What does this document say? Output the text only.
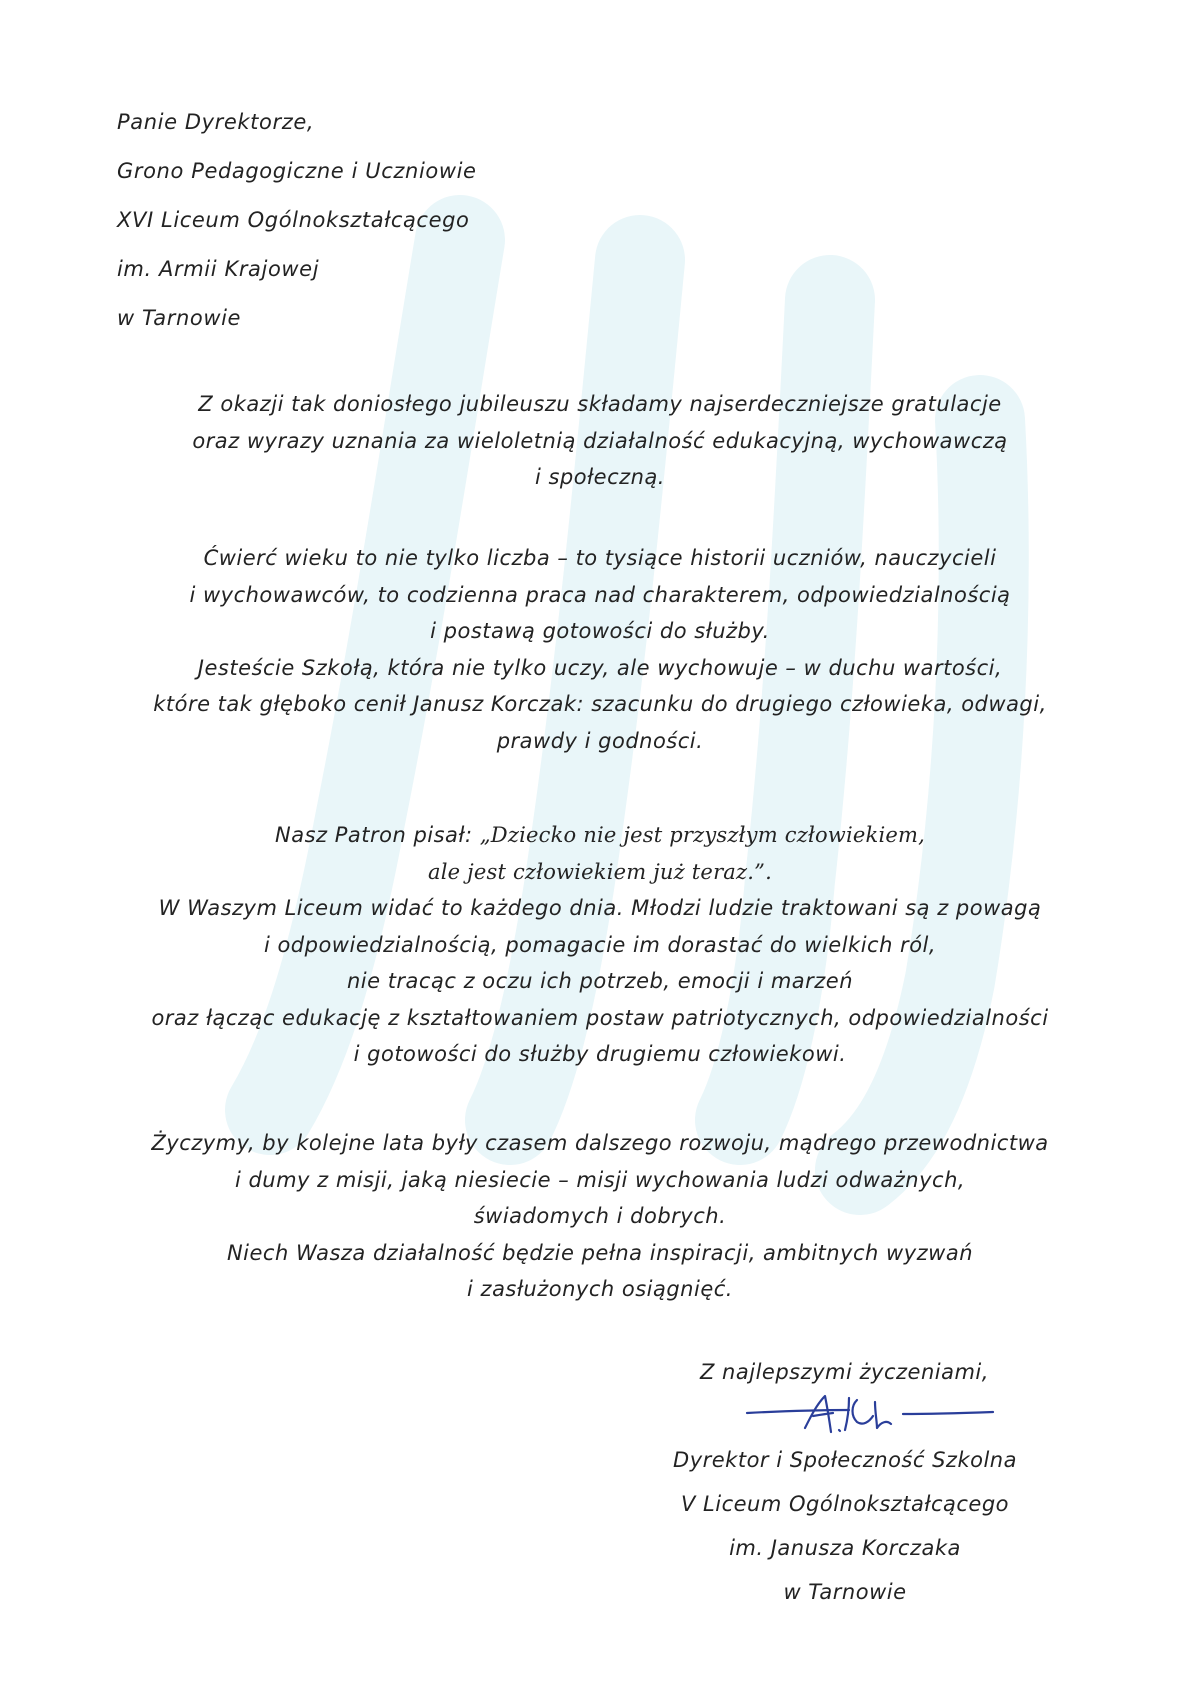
Panie Dyrektorze,
Grono Pedagogiczne i Uczniowie
XVI Liceum Ogólnokształcącego
im. Armii Krajowej
w Tarnowie
Z okazji tak doniosłego jubileuszu składamy najserdeczniejsze gratulacje
oraz wyrazy uznania za wieloletnią działalność edukacyjną, wychowawczą
i społeczną.
Ćwierć wieku to nie tylko liczba – to tysiące historii uczniów, nauczycieli
i wychowawców, to codzienna praca nad charakterem, odpowiedzialnością
i postawą gotowości do służby.
Jesteście Szkołą, która nie tylko uczy, ale wychowuje – w duchu wartości,
które tak głęboko cenił Janusz Korczak: szacunku do drugiego człowieka, odwagi,
prawdy i godności.
Nasz Patron pisał: „Dziecko nie jest przyszłym człowiekiem,
ale jest człowiekiem już teraz.”.
W Waszym Liceum widać to każdego dnia. Młodzi ludzie traktowani są z powagą
i odpowiedzialnością, pomagacie im dorastać do wielkich ról,
nie tracąc z oczu ich potrzeb, emocji i marzeń
oraz łącząc edukację z kształtowaniem postaw patriotycznych, odpowiedzialności
i gotowości do służby drugiemu człowiekowi.
Życzymy, by kolejne lata były czasem dalszego rozwoju, mądrego przewodnictwa
i dumy z misji, jaką niesiecie – misji wychowania ludzi odważnych,
świadomych i dobrych.
Niech Wasza działalność będzie pełna inspiracji, ambitnych wyzwań
i zasłużonych osiągnięć.
Z najlepszymi życzeniami,
Dyrektor i Społeczność Szkolna
V Liceum Ogólnokształcącego
im. Janusza Korczaka
w Tarnowie
